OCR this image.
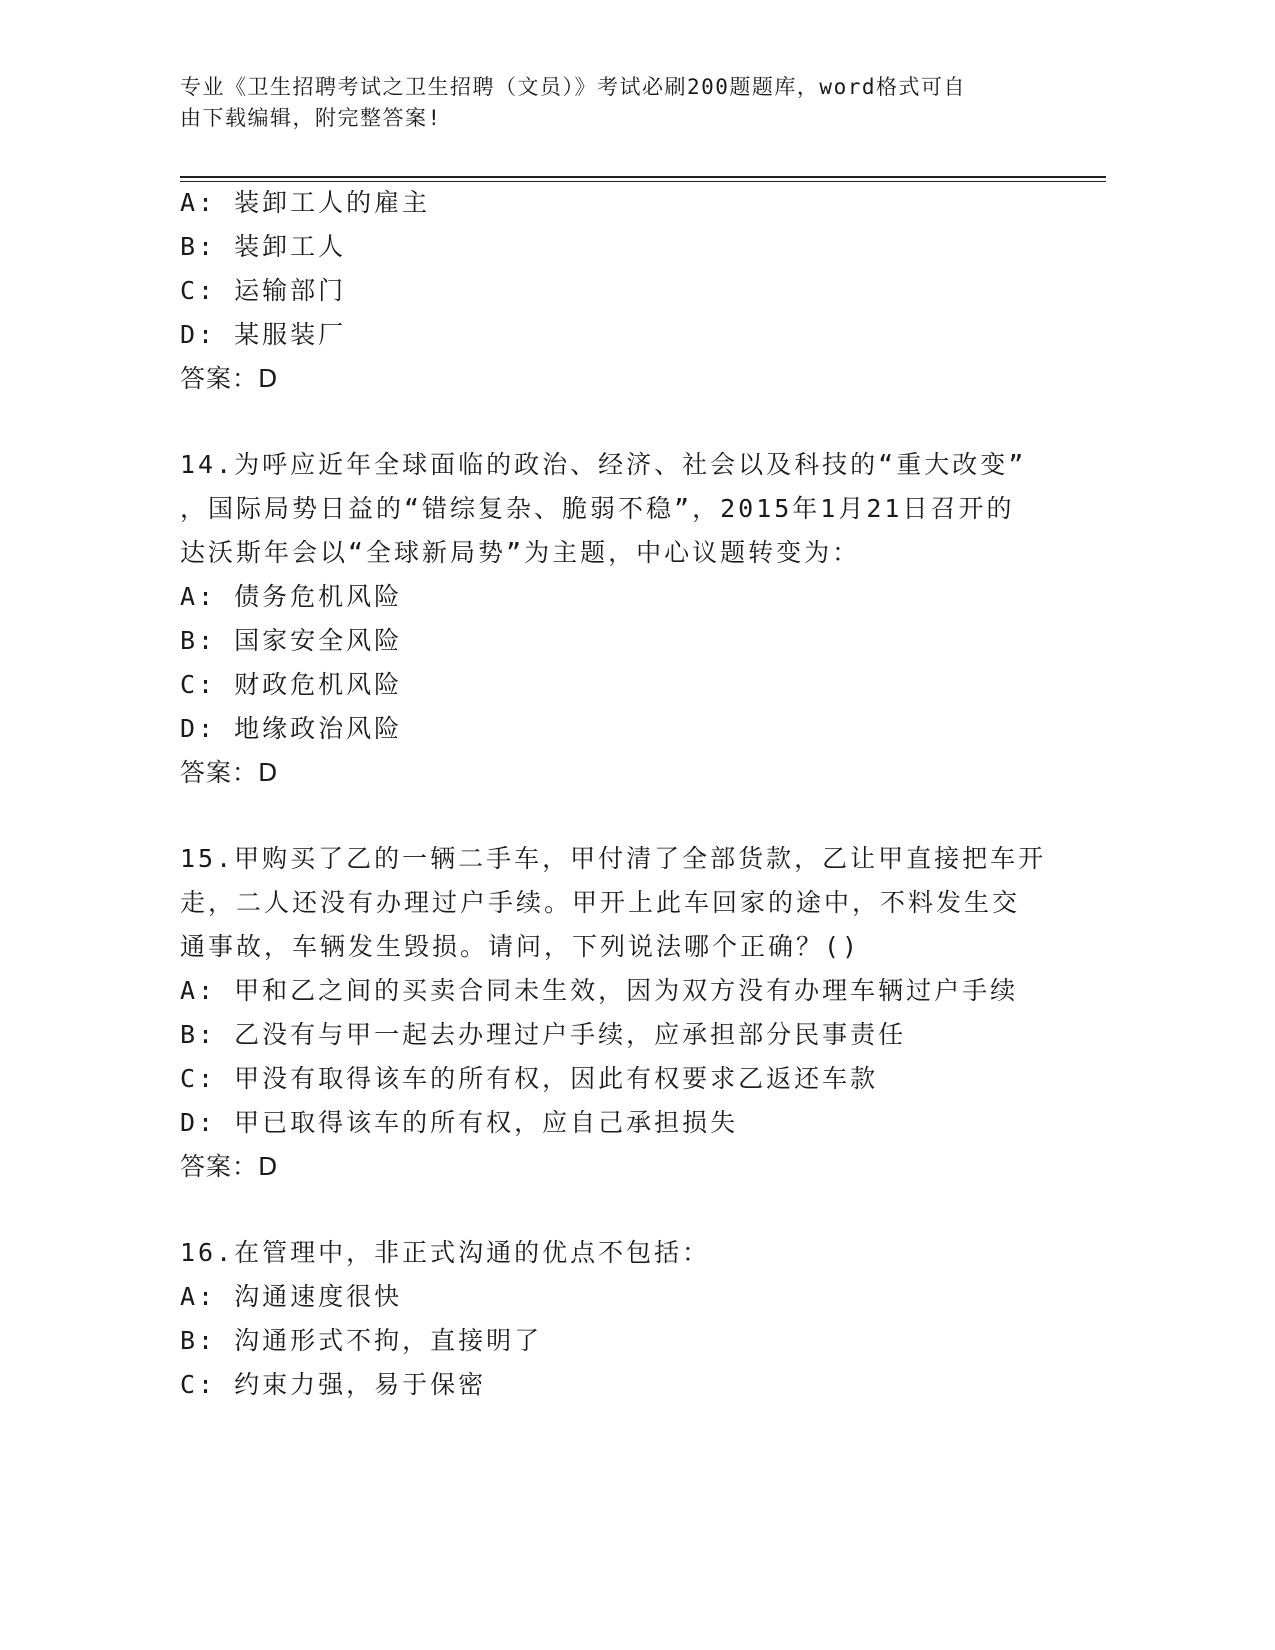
专业《卫生招聘考试之卫生招聘（文员）》考试必刷200题题库，word格式可自
由下载编辑，附完整答案!
A: 装卸工人的雇主
B: 装卸工人
C: 运输部门
D: 某服装厂
答案：D
14.为呼应近年全球面临的政治、经济、社会以及科技的“重大改变”
，国际局势日益的“错综复杂、脆弱不稳”，2015年1月21日召开的
达沃斯年会以“全球新局势”为主题，中心议题转变为：
A: 债务危机风险
B: 国家安全风险
C: 财政危机风险
D: 地缘政治风险
答案：D
15.甲购买了乙的一辆二手车，甲付清了全部货款，乙让甲直接把车开
走，二人还没有办理过户手续。甲开上此车回家的途中，不料发生交
通事故，车辆发生毁损。请问，下列说法哪个正确？()
A: 甲和乙之间的买卖合同未生效，因为双方没有办理车辆过户手续
B: 乙没有与甲一起去办理过户手续，应承担部分民事责任
C: 甲没有取得该车的所有权，因此有权要求乙返还车款
D: 甲已取得该车的所有权，应自己承担损失
答案：D
16.在管理中，非正式沟通的优点不包括：
A: 沟通速度很快
B: 沟通形式不拘，直接明了
C: 约束力强，易于保密
